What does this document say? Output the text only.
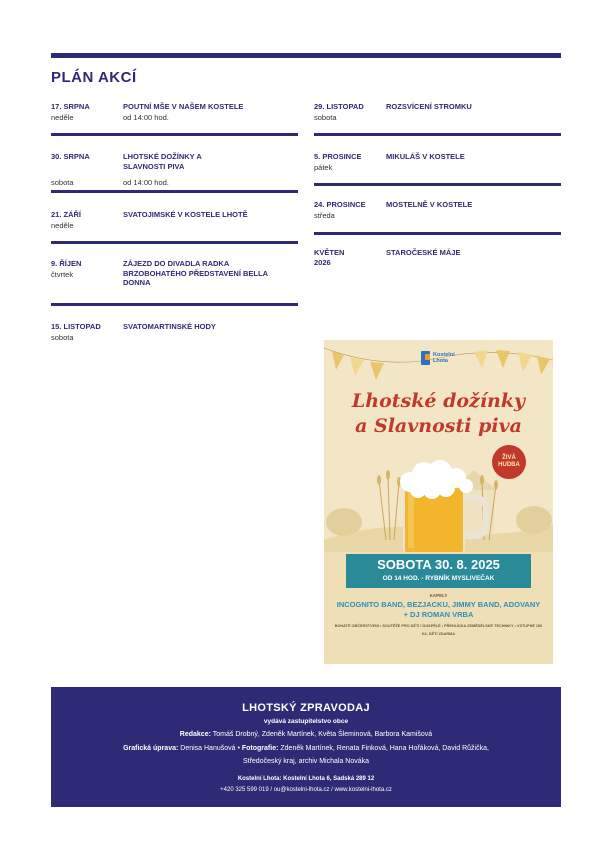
PLÁN AKCÍ
17. SRPNA
neděle
POUTNÍ MŠE V NAŠEM KOSTELE
od 14:00 hod.
30. SRPNA
sobota
LHOTSKÉ DOŽÍNKY A SLAVNOSTI PIVA
od 14:00 hod.
21. ZÁŘÍ
neděle
SVATOJIMSKÉ V KOSTELE LHOTĚ
9. ŘÍJEN
čtvrtek
ZÁJEZD DO DIVADLA RADKA BRZOBOHATÉHO PŘEDSTAVENÍ BELLA DONNA
15. LISTOPAD
sobota
SVATOMARTINSKÉ HODY
29. LISTOPAD
sobota
ROZSVÍCENÍ STROMKU
5. PROSINCE
pátek
MIKULÁŠ V KOSTELE
24. PROSINCE
středa
MOSTELNĚ V KOSTELE
KVĚTEN 2026
STAROČESKÉ MÁJE
Kostelní Lhota
Lhotské dožínky
a Slavnosti piva
ŽIVÁ HUDBA
SOBOTA 30. 8. 2025
OD 14 HOD. - RYBNÍK MYSLIVEČAK
KAPELY
INCOGNITO BAND, BEZJACKU, JIMMY BAND, ADOVANY + DJ ROMAN VRBA
BOHATÉ OBČERSTVENÍ • SOUTĚŽE PRO DĚTI I DOSPĚLÉ • PŘEHLÍDKA ZEMĚDĚLSKÉ TECHNIKY • VSTUPNÉ 150 Kč, DĚTI ZDARMA
LHOTSKÝ ZPRAVODAJ
vydává zastupitelstvo obce
Redakce: Tomáš Drobný, Zdeněk Martínek, Květa Šleminová, Barbora Kamišová
Grafická úprava: Denisa Hanušová • Fotografie: Zdeněk Martínek, Renata Finková, Hana Hořáková, David Růžička,
Středočeský kraj, archiv Michala Nováka
Kostelní Lhota: Kostelní Lhota 6, Sadská 289 12
+420 325 599 019 / ou@kostelni-lhota.cz / www.kostelni-lhota.cz
